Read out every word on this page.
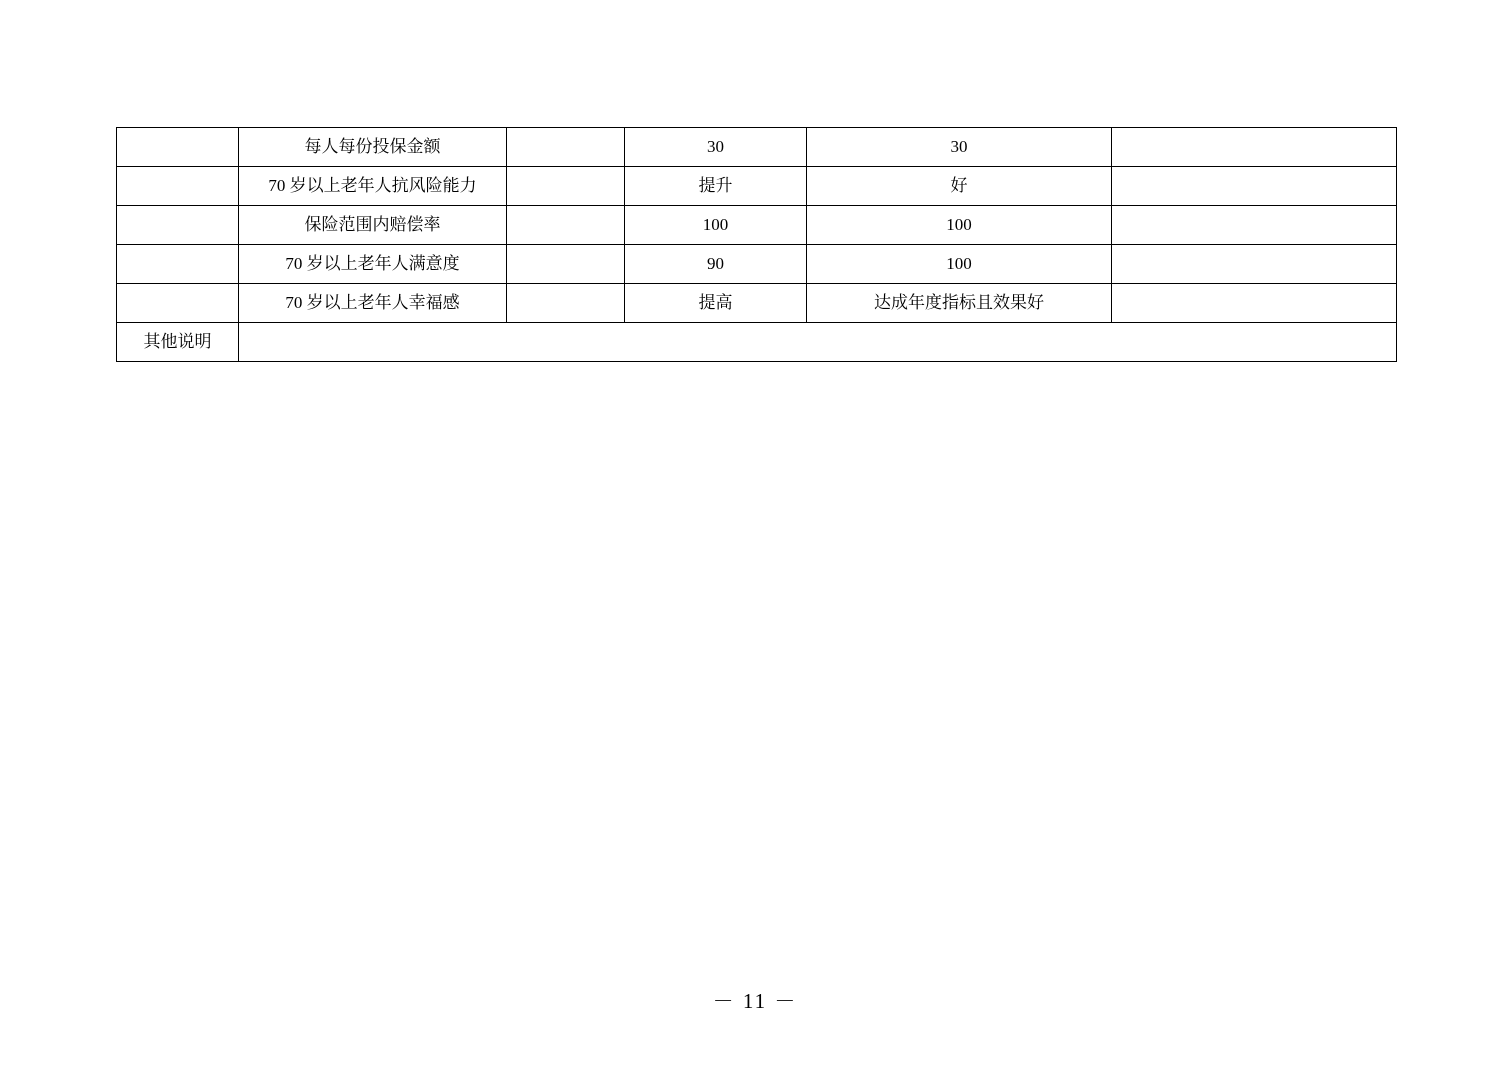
	每人每份投保金额		30	30	
	70 岁以上老年人抗风险能力		提升	好	
	保险范围内赔偿率		100	100	
	70 岁以上老年人满意度		90	100	
	70 岁以上老年人幸福感		提高	达成年度指标且效果好	
其他说明					
－ 11 －
